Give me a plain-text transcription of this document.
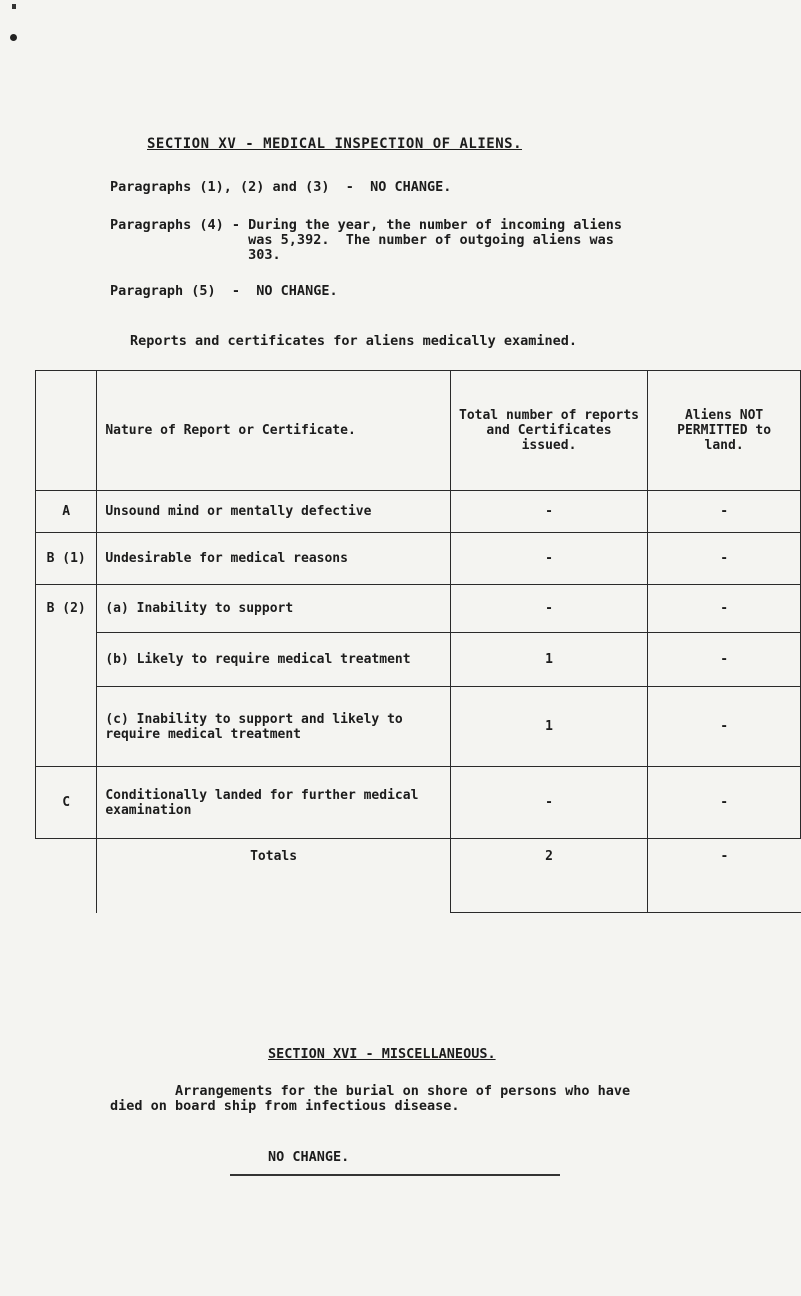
SECTION XV - MEDICAL INSPECTION OF ALIENS.
Paragraphs (1), (2) and (3)  -  NO CHANGE.
Paragraphs (4) - During the year, the number of incoming aliens
was 5,392.  The number of outgoing aliens was
303.
Paragraph (5)  -  NO CHANGE.
Reports and certificates for aliens medically examined.
	Nature of Report or Certificate.	Total number of reports and Certificates issued.	Aliens NOT PERMITTED to land.
A	Unsound mind or mentally defective	-	-
B (1)	Undesirable for medical reasons	-	-
B (2)	(a) Inability to support	-	-
	(b) Likely to require medical treatment	1	-
	(c) Inability to support and likely to require medical treatment	1	-
C	Conditionally landed for further medical examination	-	-
	Totals	2	-
SECTION XVI - MISCELLANEOUS.
Arrangements for the burial on shore of persons who have
died on board ship from infectious disease.
NO CHANGE.
